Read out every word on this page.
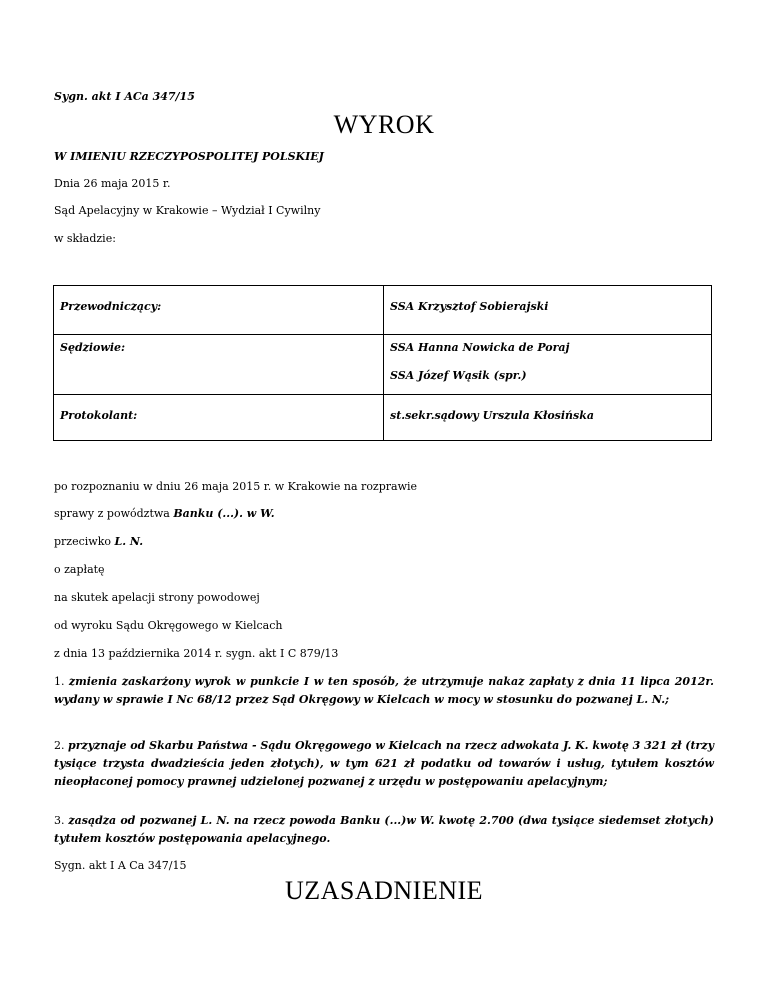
Sygn. akt I ACa 347/15
WYROK
W IMIENIU RZECZYPOSPOLITEJ POLSKIEJ
Dnia 26 maja 2015 r.
Sąd Apelacyjny w Krakowie – Wydział I Cywilny
w składzie:
Przewodniczący:	SSA Krzysztof Sobierajski
Sędziowie:	SSA Hanna Nowicka de Poraj
SSA Józef Wąsik (spr.)
Protokolant:	st.sekr.sądowy Urszula Kłosińska
po rozpoznaniu w dniu 26 maja 2015 r. w Krakowie na rozprawie
sprawy z powództwa Banku (...). w W.
przeciwko L. N.
o zapłatę
na skutek apelacji strony powodowej
od wyroku Sądu Okręgowego w Kielcach
z dnia 13 października 2014 r. sygn. akt I C 879/13
1. zmienia zaskarżony wyrok w punkcie I w ten sposób, że utrzymuje nakaz zapłaty z dnia 11 lipca 2012r. wydany w sprawie I Nc 68/12 przez Sąd Okręgowy w Kielcach w mocy w stosunku do pozwanej L. N.;
2. przyznaje od Skarbu Państwa - Sądu Okręgowego w Kielcach na rzecz adwokata J. K. kwotę 3 321 zł (trzy tysiące trzysta dwadzieścia jeden złotych), w tym 621 zł podatku od towarów i usług, tytułem kosztów nieopłaconej pomocy prawnej udzielonej pozwanej z urzędu w postępowaniu apelacyjnym;
3. zasądza od pozwanej L. N. na rzecz powoda Banku (...)w W. kwotę 2.700 (dwa tysiące siedemset złotych) tytułem kosztów postępowania apelacyjnego.
Sygn. akt I A Ca 347/15
UZASADNIENIE
